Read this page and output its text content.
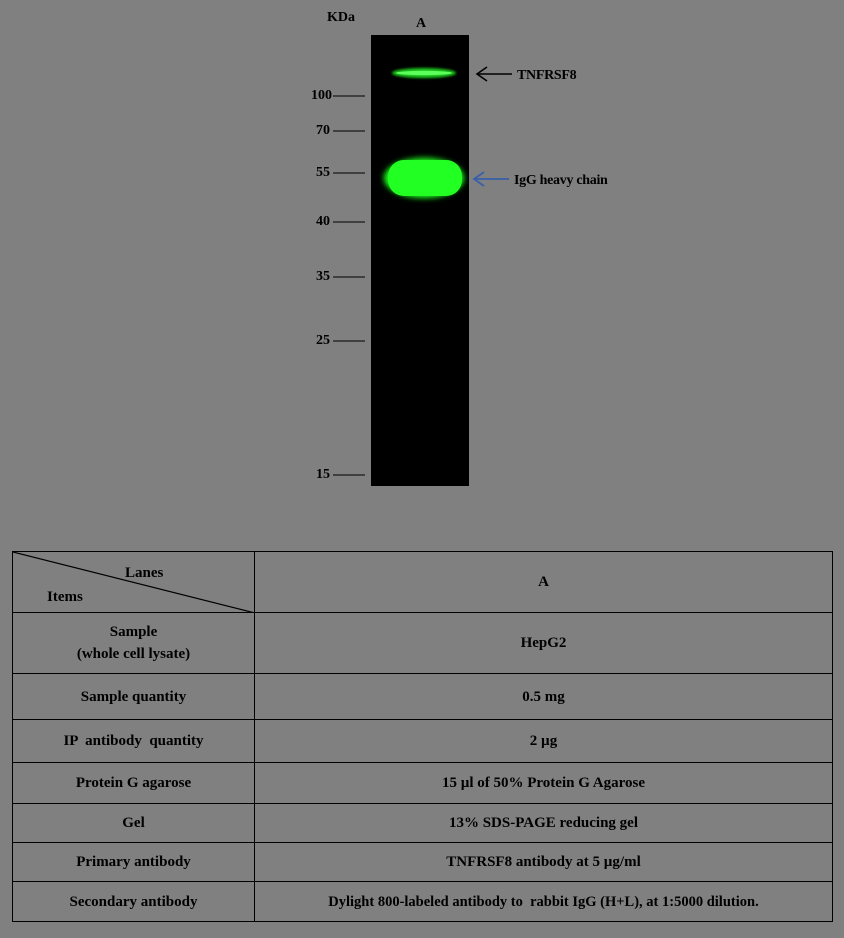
KDa	A
100
70
55
40
35
25
15
TNFRSF8
IgG heavy chain
Lanes
Items	A

Sample
(whole cell lysate)	HepG2
Sample quantity	0.5 mg
IP  antibody  quantity	2 µg
Protein G agarose	15 µl of 50% Protein G Agarose
Gel	13% SDS-PAGE reducing gel
Primary antibody	TNFRSF8 antibody at 5 µg/ml
Secondary antibody	Dylight 800-labeled antibody to  rabbit IgG (H+L), at 1:5000 dilution.
